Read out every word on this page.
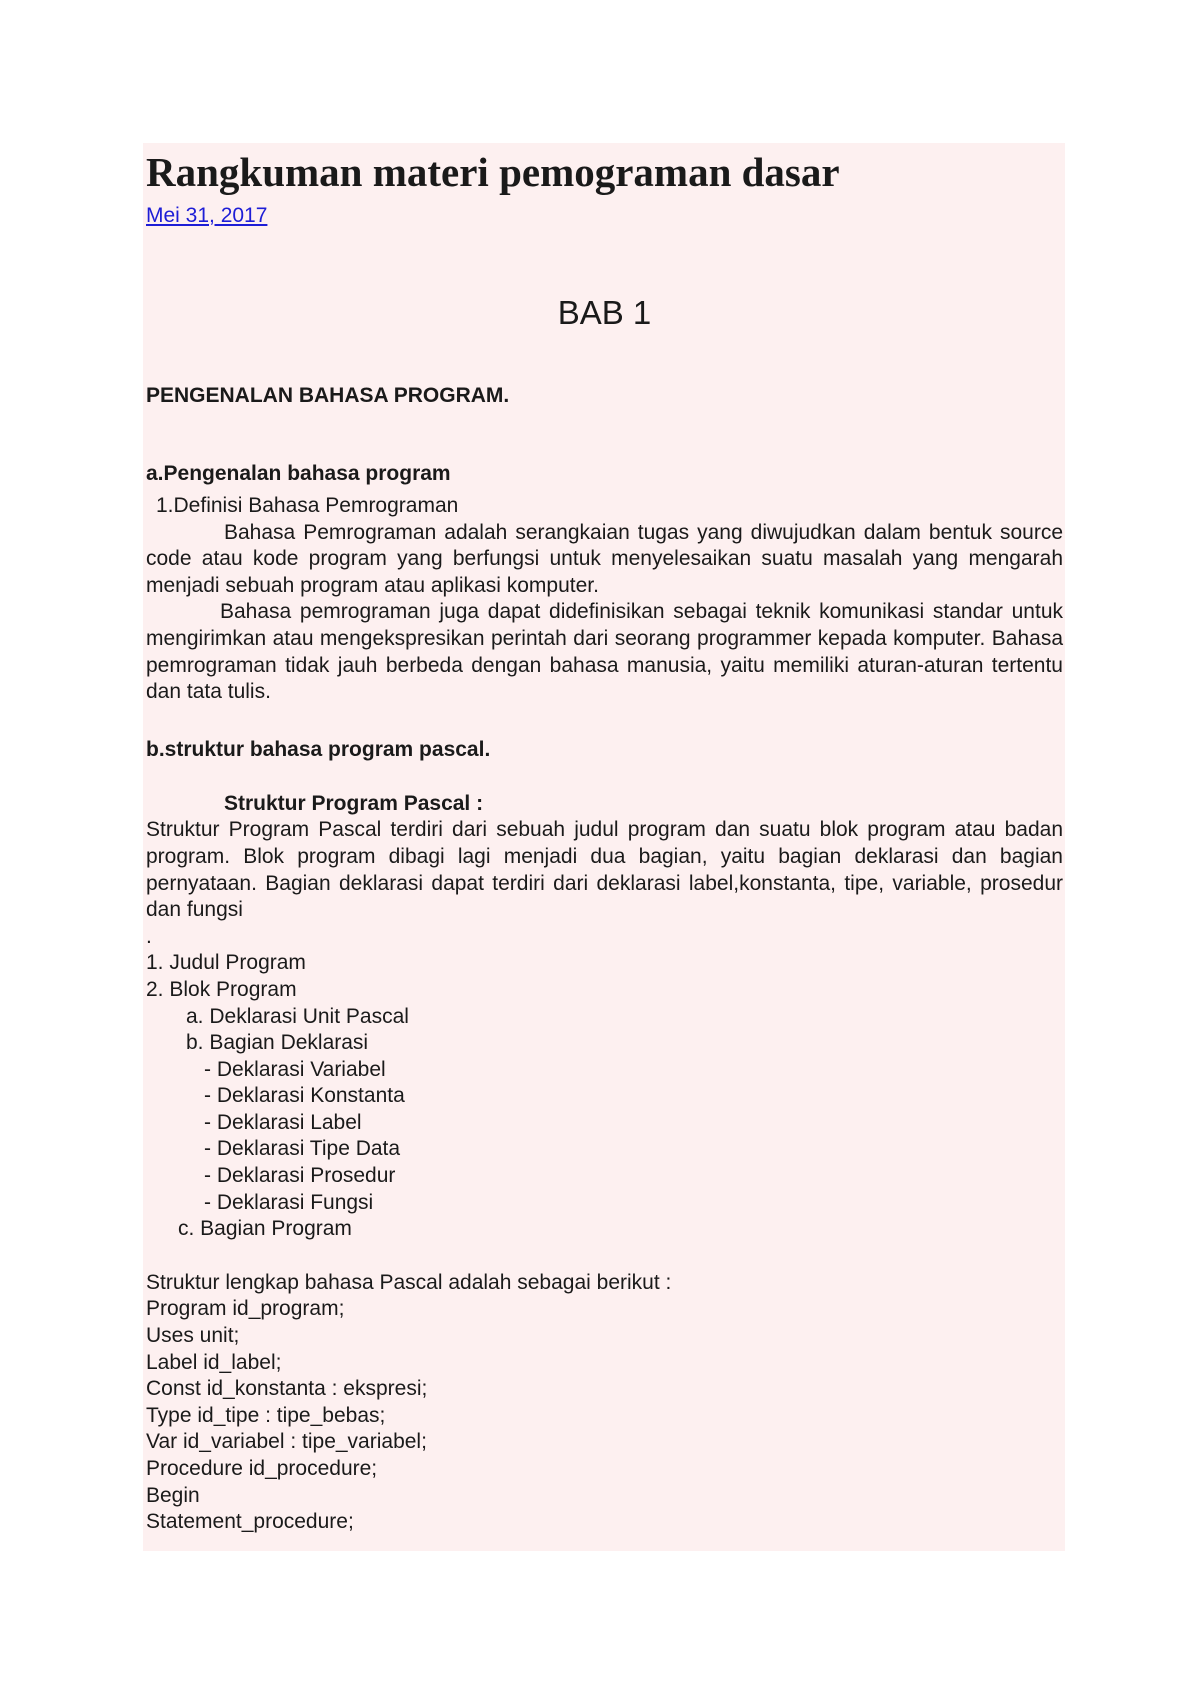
Rangkuman materi pemograman dasar
Mei 31, 2017
BAB 1

PENGENALAN BAHASA PROGRAM.

a.Pengenalan bahasa program

1.Definisi Bahasa Pemrograman

Bahasa Pemrograman adalah serangkaian tugas yang diwujudkan dalam bentuk source code atau kode program yang berfungsi untuk menyelesaikan suatu masalah yang mengarah menjadi sebuah program atau aplikasi komputer.

Bahasa pemrograman juga dapat didefinisikan sebagai teknik komunikasi standar untuk mengirimkan atau mengekspresikan perintah dari seorang programmer kepada komputer. Bahasa pemrograman tidak jauh berbeda dengan bahasa manusia, yaitu memiliki aturan-aturan tertentu dan tata tulis.

b.struktur bahasa program pascal.

Struktur Program Pascal :

Struktur Program Pascal terdiri dari sebuah judul program dan suatu blok program atau badan program. Blok program dibagi lagi menjadi dua bagian, yaitu bagian deklarasi dan bagian pernyataan. Bagian deklarasi dapat terdiri dari deklarasi label,konstanta, tipe, variable, prosedur dan fungsi

.

1. Judul Program
2. Blok Program
a. Deklarasi Unit Pascal
b. Bagian Deklarasi
- Deklarasi Variabel
- Deklarasi Konstanta
- Deklarasi Label
- Deklarasi Tipe Data
- Deklarasi Prosedur
- Deklarasi Fungsi
c. Bagian Program

Struktur lengkap bahasa Pascal adalah sebagai berikut :

Program id_program;
Uses unit;
Label id_label;
Const id_konstanta : ekspresi;
Type id_tipe : tipe_bebas;
Var id_variabel : tipe_variabel;
Procedure id_procedure;
Begin
Statement_procedure;
